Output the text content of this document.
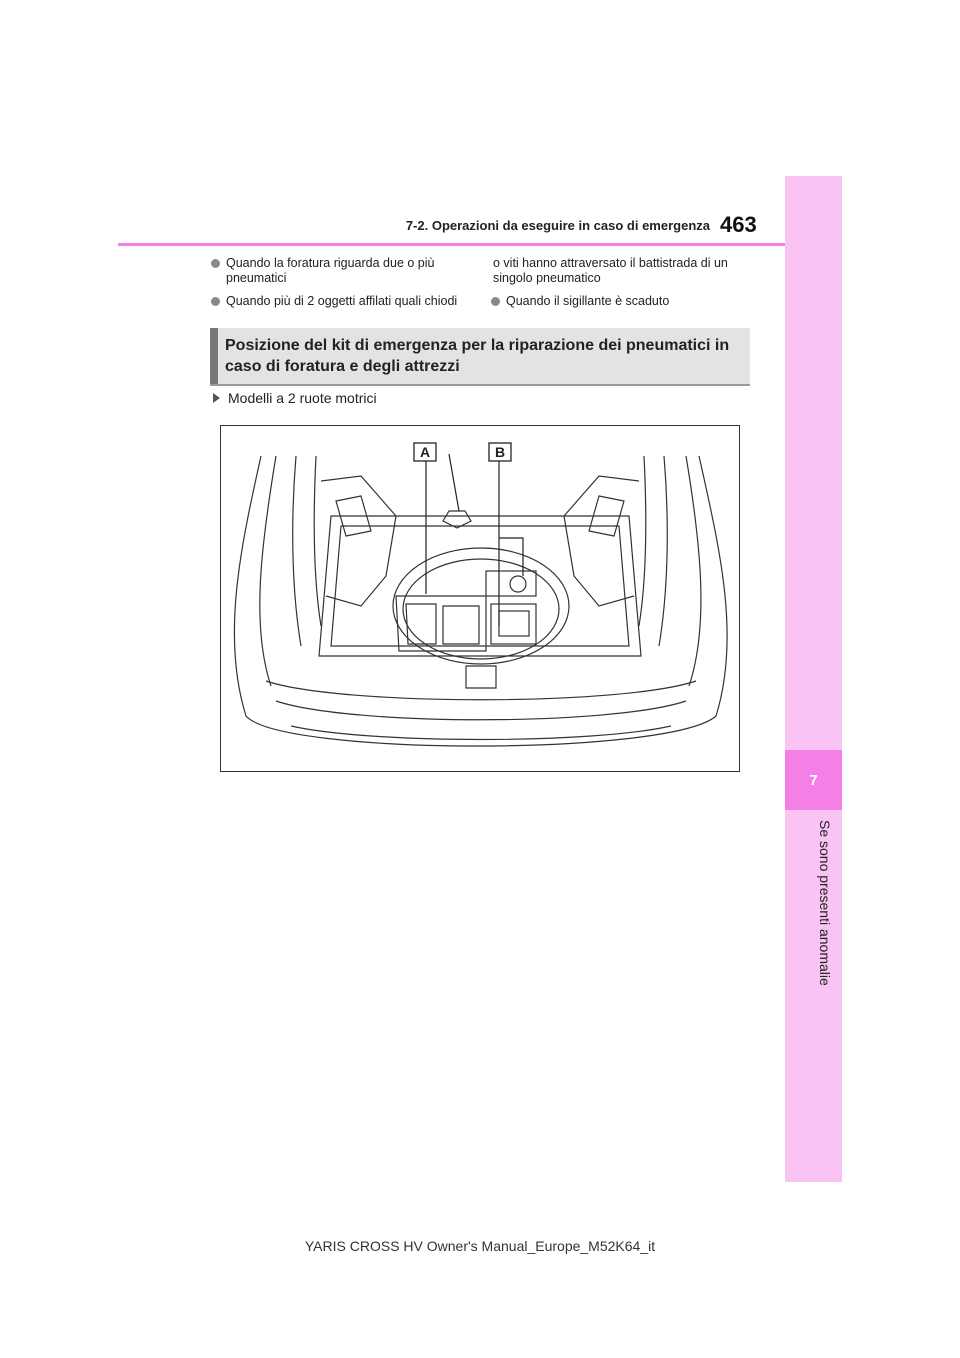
7
Se sono presenti anomalie
7-2. Operazioni da eseguire in caso di emergenza 463
Quando la foratura riguarda due o più pneumatici
Quando più di 2 oggetti affilati quali chiodi
o viti hanno attraversato il battistrada di un singolo pneumatico
Quando il sigillante è scaduto
Posizione del kit di emergenza per la riparazione dei pneumatici in caso di foratura e degli attrezzi
Modelli a 2 ruote motrici
A	B
YARIS CROSS HV Owner's Manual_Europe_M52K64_it
